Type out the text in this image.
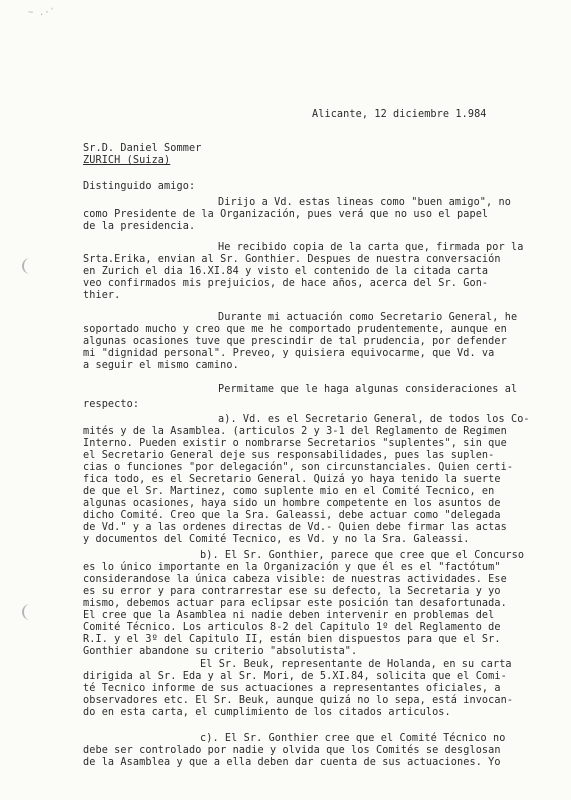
~ .·`
Alicante, 12 diciembre 1.984
Sr.D. Daniel Sommer
ZURICH (Suiza)
Distinguido amigo:
Dirijo a Vd. estas lineas como "buen amigo", no
como Presidente de la Organización, pues verá que no uso el papel
de la presidencia.
He recibido copia de la carta que, firmada por la
Srta.Erika, envian al Sr. Gonthier. Despues de nuestra conversación
en Zurich el dia 16.XI.84 y visto el contenido de la citada carta
veo confirmados mis prejuicios, de hace años, acerca del Sr. Gon-
thier.
Durante mi actuación como Secretario General, he
soportado mucho y creo que me he comportado prudentemente, aunque en
algunas ocasiones tuve que prescindir de tal prudencia, por defender
mi "dignidad personal". Preveo, y quisiera equivocarme, que Vd. va
a seguir el mismo camino.
Permitame que le haga algunas consideraciones al
respecto:
a). Vd. es el Secretario General, de todos los Co-
mités y de la Asamblea. (articulos 2 y 3-1 del Reglamento de Regimen
Interno. Pueden existir o nombrarse Secretarios "suplentes", sin que
el Secretario General deje sus responsabilidades, pues las suplen-
cias o funciones "por delegación", son circunstanciales. Quien certi-
fica todo, es el Secretario General. Quizá yo haya tenido la suerte
de que el Sr. Martinez, como suplente mio en el Comité Tecnico, en
algunas ocasiones, haya sido un hombre competente en los asuntos de
dicho Comité. Creo que la Sra. Galeassi, debe actuar como "delegada
de Vd." y a las ordenes directas de Vd.- Quien debe firmar las actas
y documentos del Comité Tecnico, es Vd. y no la Sra. Galeassi.
b). El Sr. Gonthier, parece que cree que el Concurso
es lo único importante en la Organización y que él es el "factótum"
considerandose la única cabeza visible: de nuestras actividades. Ese
es su error y para contrarrestar ese su defecto, la Secretaria y yo
mismo, debemos actuar para eclipsar este posición tan desafortunada.
El cree que la Asamblea ni nadie deben intervenir en problemas del
Comité Técnico. Los articulos 8-2 del Capitulo 1º del Reglamento de
R.I. y el 3º del Capitulo II, están bien dispuestos para que el Sr.
Gonthier abandone su criterio "absolutista".
El Sr. Beuk, representante de Holanda, en su carta
dirigida al Sr. Eda y al Sr. Mori, de 5.XI.84, solicita que el Comi-
té Tecnico informe de sus actuaciones a representantes oficiales, a
observadores etc. El Sr. Beuk, aunque quizá no lo sepa, está invocan-
do en esta carta, el cumplimiento de los citados articulos.
c). El Sr. Gonthier cree que el Comité Técnico no
debe ser controlado por nadie y olvida que los Comités se desglosan
de la Asamblea y que a ella deben dar cuenta de sus actuaciones. Yo
